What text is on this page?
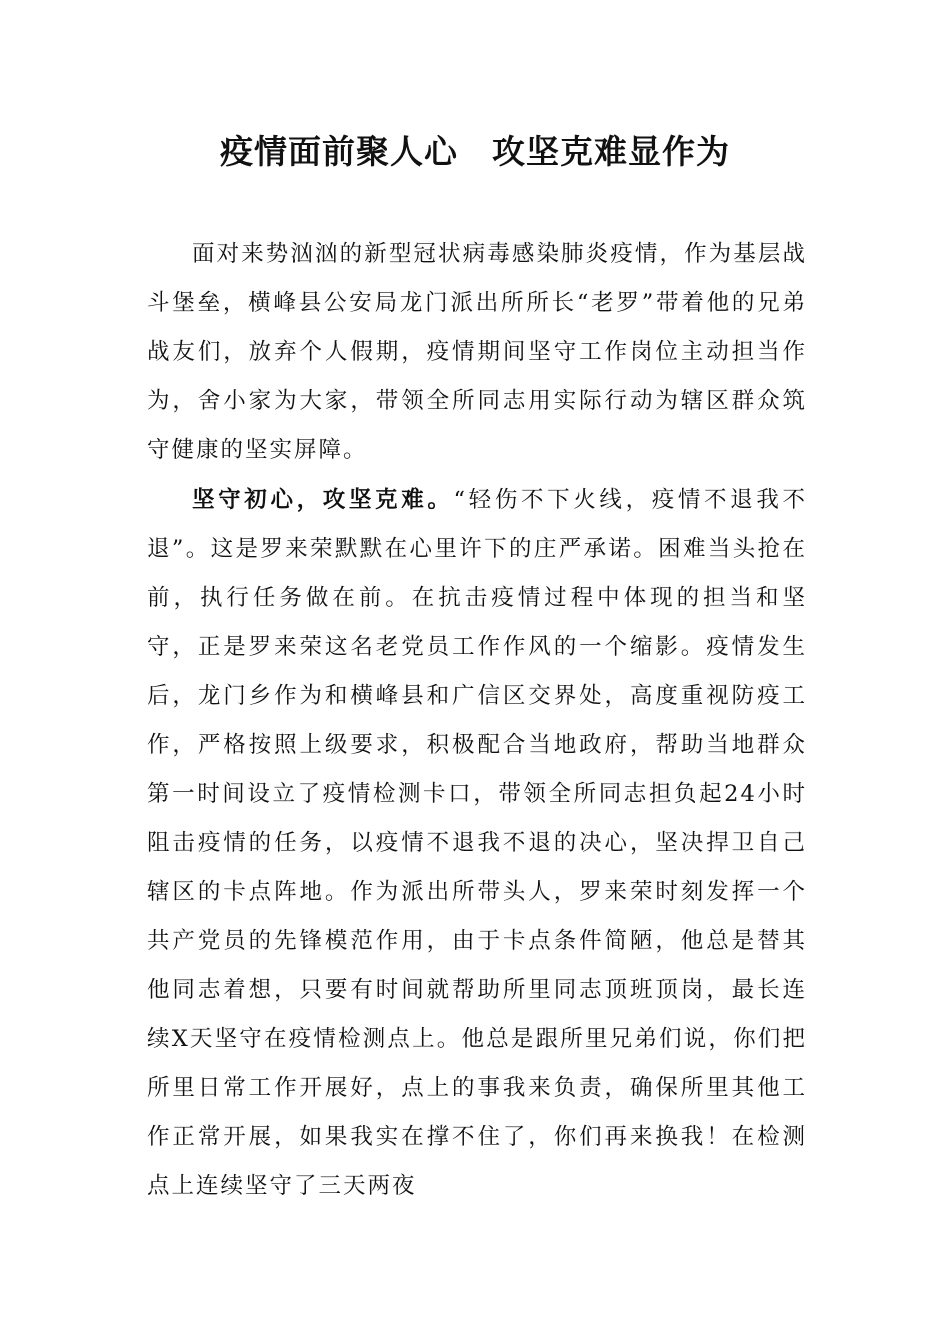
疫情面前聚人心　攻坚克难显作为

面对来势汹汹的新型冠状病毒感染肺炎疫情，作为基层战斗堡垒，横峰县公安局龙门派出所所长“老罗”带着他的兄弟战友们，放弃个人假期，疫情期间坚守工作岗位主动担当作为，舍小家为大家，带领全所同志用实际行动为辖区群众筑守健康的坚实屏障。

坚守初心，攻坚克难。“轻伤不下火线，疫情不退我不退”。这是罗来荣默默在心里许下的庄严承诺。困难当头抢在前，执行任务做在前。在抗击疫情过程中体现的担当和坚守，正是罗来荣这名老党员工作作风的一个缩影。疫情发生后，龙门乡作为和横峰县和广信区交界处，高度重视防疫工作，严格按照上级要求，积极配合当地政府，帮助当地群众第一时间设立了疫情检测卡口，带领全所同志担负起24小时阻击疫情的任务，以疫情不退我不退的决心，坚决捍卫自己辖区的卡点阵地。作为派出所带头人，罗来荣时刻发挥一个共产党员的先锋模范作用，由于卡点条件简陋，他总是替其他同志着想，只要有时间就帮助所里同志顶班顶岗，最长连续X天坚守在疫情检测点上。他总是跟所里兄弟们说，你们把所里日常工作开展好，点上的事我来负责，确保所里其他工作正常开展，如果我实在撑不住了，你们再来换我！在检测点上连续坚守了三天两夜
